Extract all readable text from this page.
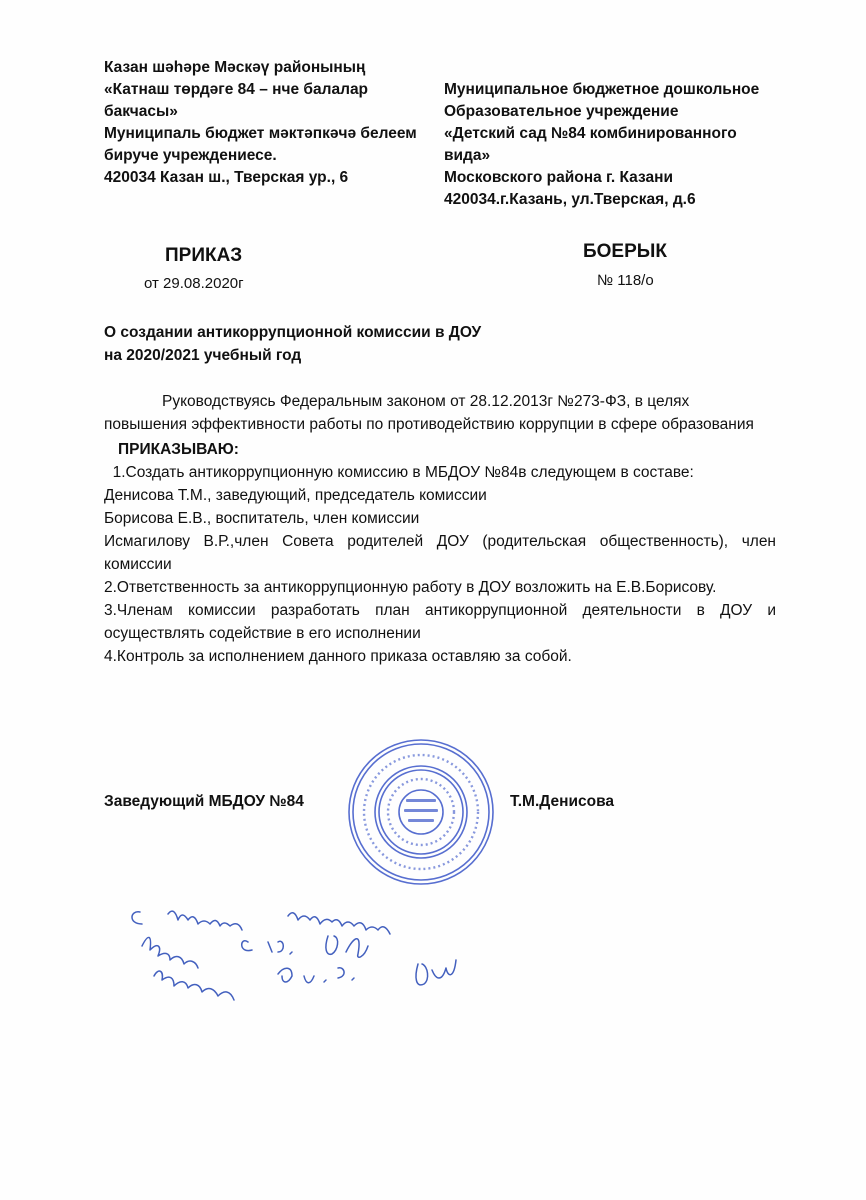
Казан шәһәре Мәскәү районының
«Катнаш төрдәге 84 – нче балалар
бакчасы»
Муниципаль бюджет мәктәпкәчә белеем
бируче учреждениесе.
420034 Казан ш., Тверская ур., 6
Муниципальное бюджетное дошкольное
Образовательное учреждение
«Детский сад №84 комбинированного
вида»
Московского района г. Казани
420034.г.Казань, ул.Тверская, д.6
ПРИКАЗ
от 29.08.2020г
БОЕРЫК
№ 118/о
О создании антикоррупционной комиссии в ДОУ
на 2020/2021 учебный год
Руководствуясь Федеральным законом от 28.12.2013г №273-ФЗ, в целях
повышения эффективности работы по противодействию коррупции в сфере образования
ПРИКАЗЫВАЮ:
1.Создать антикоррупционную комиссию в МБДОУ №84в следующем в составе:
Денисова Т.М., заведующий, председатель комиссии
Борисова Е.В., воспитатель, член комиссии
Исмагилову В.Р.,член Совета родителей ДОУ (родительская общественность), член
комиссии
2.Ответственность за антикоррупционную работу в ДОУ возложить на Е.В.Борисову.
3.Членам комиссии разработать план антикоррупционной деятельности в ДОУ и
осуществлять содействие в его исполнении
4.Контроль за исполнением данного приказа оставляю за собой.
Заведующий МБДОУ №84	Т.М.Денисова
